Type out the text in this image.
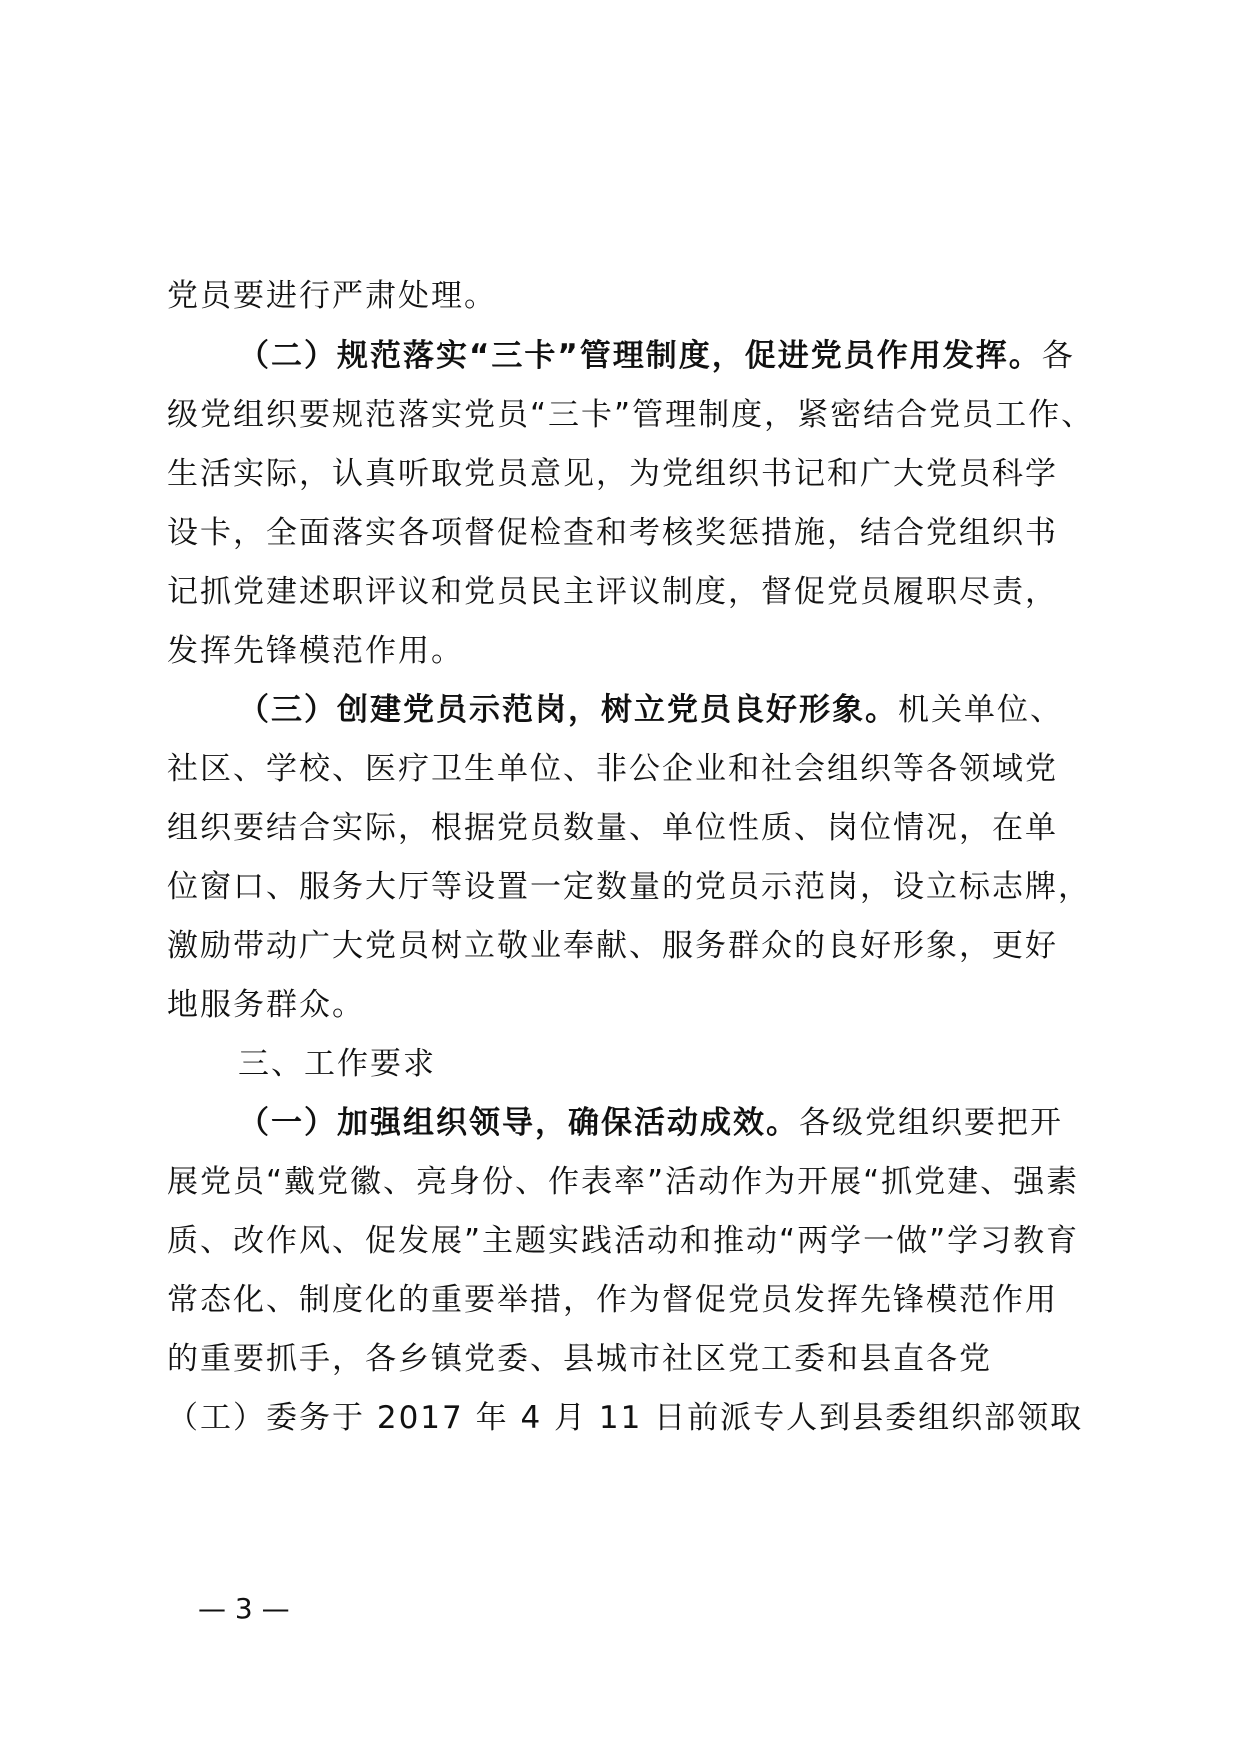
党员要进行严肃处理。

（二）规范落实“三卡”管理制度，促进党员作用发挥。各

级党组织要规范落实党员“三卡”管理制度，紧密结合党员工作、

生活实际，认真听取党员意见，为党组织书记和广大党员科学

设卡，全面落实各项督促检查和考核奖惩措施，结合党组织书

记抓党建述职评议和党员民主评议制度，督促党员履职尽责，

发挥先锋模范作用。

（三）创建党员示范岗，树立党员良好形象。机关单位、

社区、学校、医疗卫生单位、非公企业和社会组织等各领域党

组织要结合实际，根据党员数量、单位性质、岗位情况，在单

位窗口、服务大厅等设置一定数量的党员示范岗，设立标志牌，

激励带动广大党员树立敬业奉献、服务群众的良好形象，更好

地服务群众。

三、工作要求

（一）加强组织领导，确保活动成效。各级党组织要把开

展党员“戴党徽、亮身份、作表率”活动作为开展“抓党建、强素

质、改作风、促发展”主题实践活动和推动“两学一做”学习教育

常态化、制度化的重要举措，作为督促党员发挥先锋模范作用

的重要抓手，各乡镇党委、县城市社区党工委和县直各党

（工）委务于 2017 年 4 月 11 日前派专人到县委组织部领取

— 3 —
